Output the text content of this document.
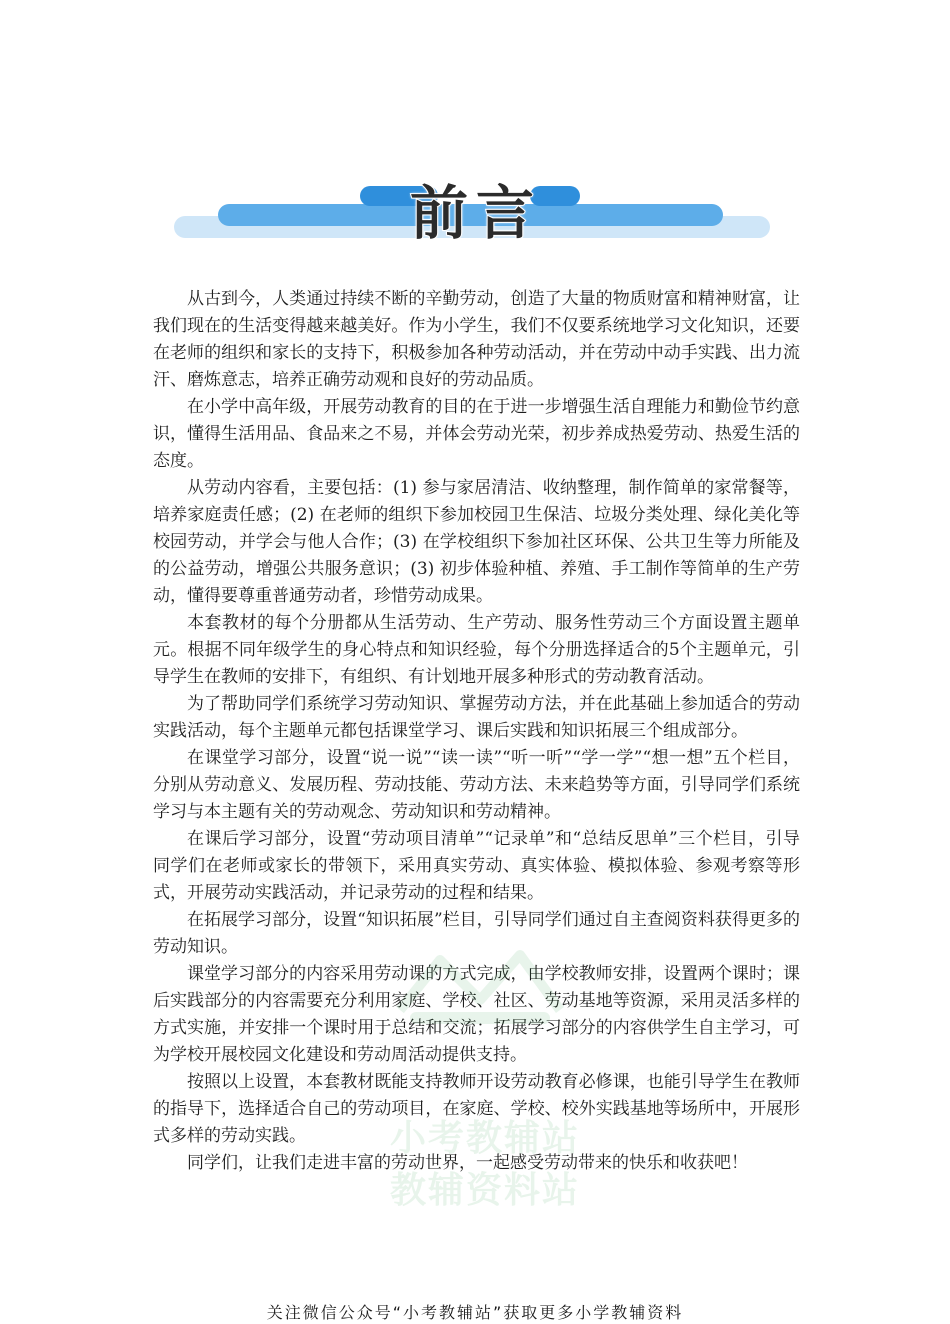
前言

从古到今，人类通过持续不断的辛勤劳动，创造了大量的物质财富和精神财富，让我们现在的生活变得越来越美好。作为小学生，我们不仅要系统地学习文化知识，还要在老师的组织和家长的支持下，积极参加各种劳动活动，并在劳动中动手实践、出力流汗、磨炼意志，培养正确劳动观和良好的劳动品质。

在小学中高年级，开展劳动教育的目的在于进一步增强生活自理能力和勤俭节约意识，懂得生活用品、食品来之不易，并体会劳动光荣，初步养成热爱劳动、热爱生活的态度。

从劳动内容看，主要包括：(1) 参与家居清洁、收纳整理，制作简单的家常餐等，培养家庭责任感；(2) 在老师的组织下参加校园卫生保洁、垃圾分类处理、绿化美化等校园劳动，并学会与他人合作；(3) 在学校组织下参加社区环保、公共卫生等力所能及的公益劳动，增强公共服务意识；(3) 初步体验种植、养殖、手工制作等简单的生产劳动，懂得要尊重普通劳动者，珍惜劳动成果。

本套教材的每个分册都从生活劳动、生产劳动、服务性劳动三个方面设置主题单元。根据不同年级学生的身心特点和知识经验，每个分册选择适合的5个主题单元，引导学生在教师的安排下，有组织、有计划地开展多种形式的劳动教育活动。

为了帮助同学们系统学习劳动知识、掌握劳动方法，并在此基础上参加适合的劳动实践活动，每个主题单元都包括课堂学习、课后实践和知识拓展三个组成部分。

在课堂学习部分，设置“说一说”“读一读”“听一听”“学一学”“想一想”五个栏目，分别从劳动意义、发展历程、劳动技能、劳动方法、未来趋势等方面，引导同学们系统学习与本主题有关的劳动观念、劳动知识和劳动精神。

在课后学习部分，设置“劳动项目清单”“记录单”和“总结反思单”三个栏目，引导同学们在老师或家长的带领下，采用真实劳动、真实体验、模拟体验、参观考察等形式，开展劳动实践活动，并记录劳动的过程和结果。

在拓展学习部分，设置“知识拓展”栏目，引导同学们通过自主查阅资料获得更多的劳动知识。

课堂学习部分的内容采用劳动课的方式完成，由学校教师安排，设置两个课时；课后实践部分的内容需要充分利用家庭、学校、社区、劳动基地等资源，采用灵活多样的方式实施，并安排一个课时用于总结和交流；拓展学习部分的内容供学生自主学习，可为学校开展校园文化建设和劳动周活动提供支持。

按照以上设置，本套教材既能支持教师开设劳动教育必修课，也能引导学生在教师的指导下，选择适合自己的劳动项目，在家庭、学校、校外实践基地等场所中，开展形式多样的劳动实践。

同学们，让我们走进丰富的劳动世界，一起感受劳动带来的快乐和收获吧！

小考教辅站
教辅资料站
关注微信公众号“小考教辅站”获取更多小学教辅资料
